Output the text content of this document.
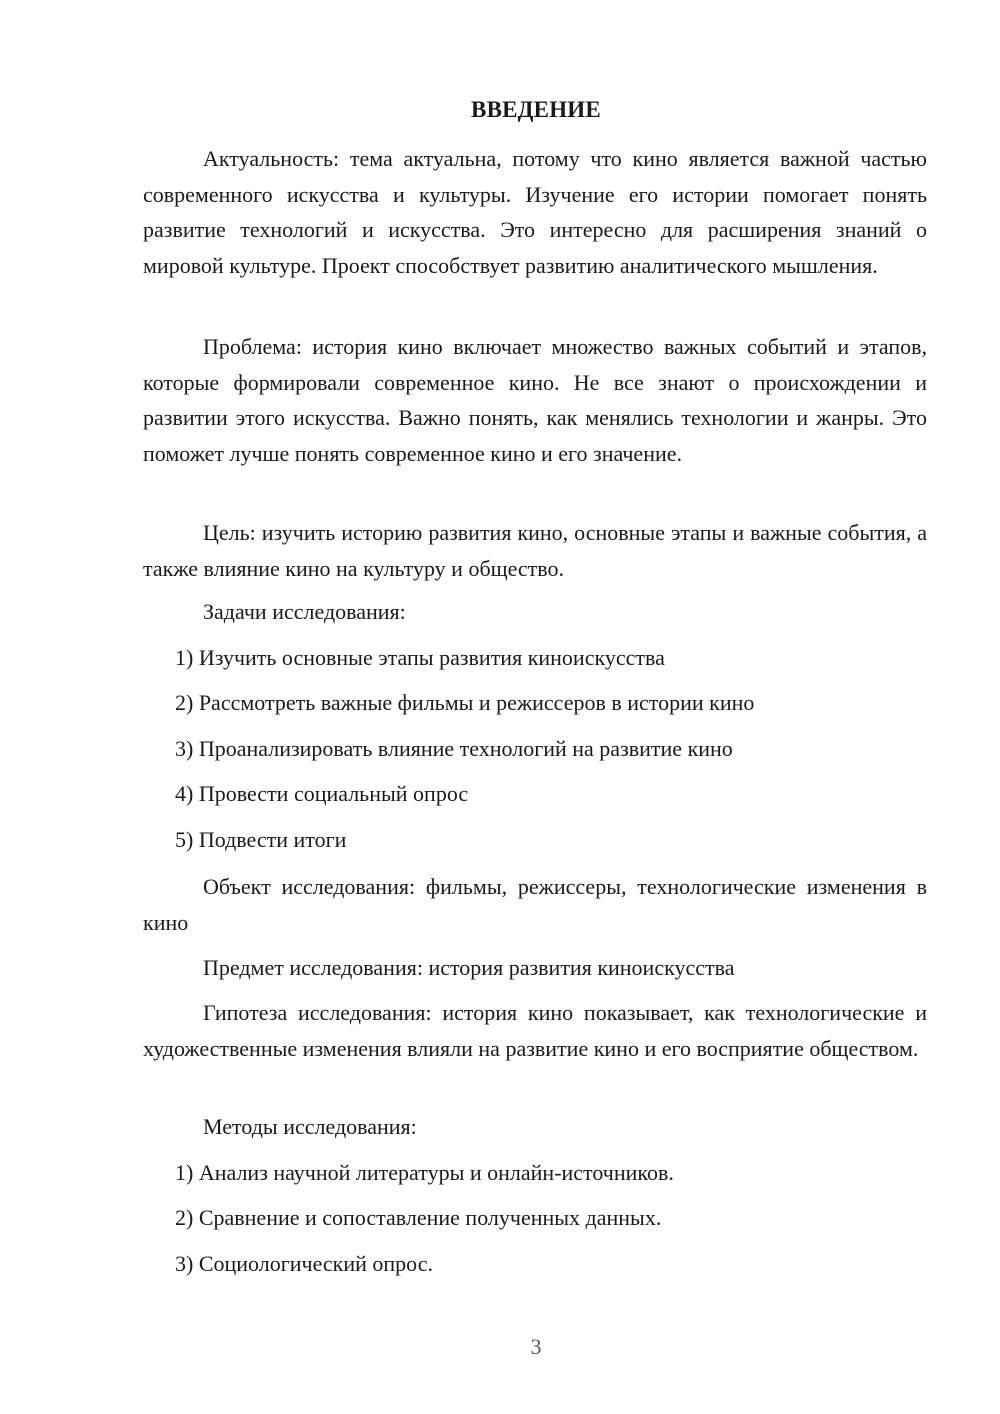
ВВЕДЕНИЕ

Актуальность: тема актуальна, потому что кино является важной частью современного искусства и культуры. Изучение его истории помогает понять развитие технологий и искусства. Это интересно для расширения знаний о мировой культуре. Проект способствует развитию аналитического мышления.

Проблема: история кино включает множество важных событий и этапов, которые формировали современное кино. Не все знают о происхождении и развитии этого искусства. Важно понять, как менялись технологии и жанры. Это поможет лучше понять современное кино и его значение.

Цель: изучить историю развития кино, основные этапы и важные события, а также влияние кино на культуру и общество.

Задачи исследования:
1) Изучить основные этапы развития киноискусства
2) Рассмотреть важные фильмы и режиссеров в истории кино
3) Проанализировать влияние технологий на развитие кино
4) Провести социальный опрос
5) Подвести итоги

Объект исследования: фильмы, режиссеры, технологические изменения в кино

Предмет исследования: история развития киноискусства

Гипотеза исследования: история кино показывает, как технологические и художественные изменения влияли на развитие кино и его восприятие обществом.

Методы исследования:
1) Анализ научной литературы и онлайн-источников.
2) Сравнение и сопоставление полученных данных.
3) Социологический опрос.
3
